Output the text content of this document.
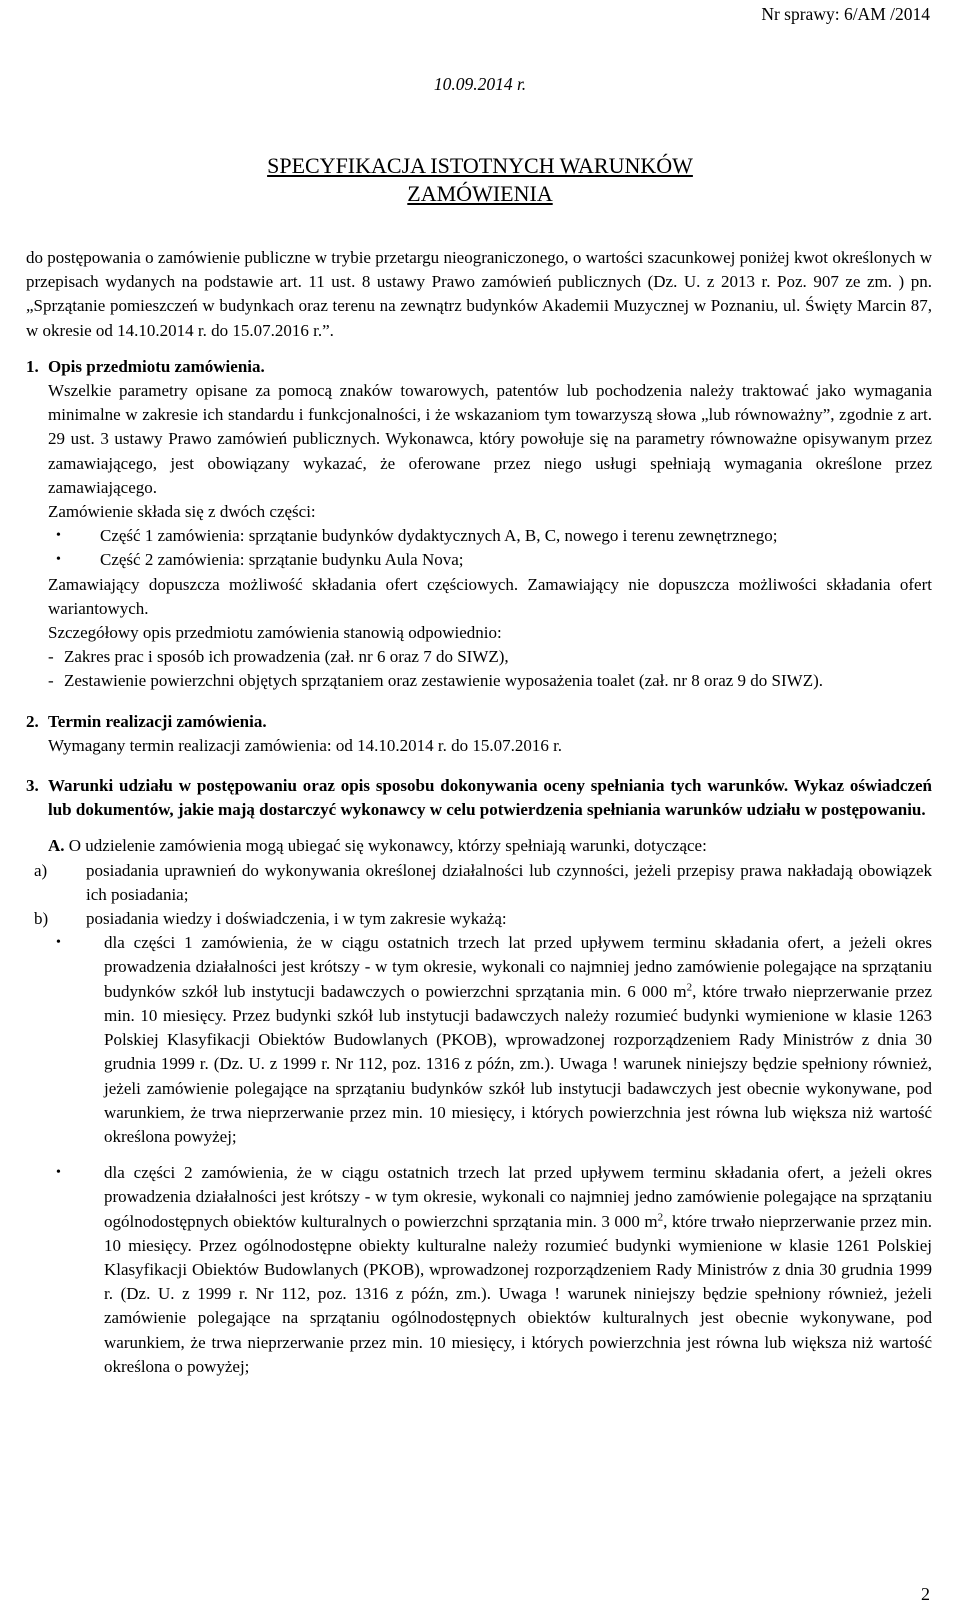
Nr sprawy: 6/AM /2014
10.09.2014 r.
SPECYFIKACJA ISTOTNYCH WARUNKÓW
ZAMÓWIENIA

do postępowania o zamówienie publiczne w trybie przetargu nieograniczonego, o wartości szacunkowej poniżej kwot określonych w przepisach wydanych na podstawie art. 11 ust. 8 ustawy Prawo zamówień publicznych (Dz. U. z 2013 r. Poz. 907 ze zm. ) pn. „Sprzątanie pomieszczeń w budynkach oraz terenu na zewnątrz budynków Akademii Muzycznej w Poznaniu, ul. Święty Marcin 87, w okresie od 14.10.2014 r. do 15.07.2016 r.”.

1. Opis przedmiotu zamówienia.

Wszelkie parametry opisane za pomocą znaków towarowych, patentów lub pochodzenia należy traktować jako wymagania minimalne w zakresie ich standardu i funkcjonalności, i że wskazaniom tym towarzyszą słowa „lub równoważny”, zgodnie z art. 29 ust. 3 ustawy Prawo zamówień publicznych. Wykonawca, który powołuje się na parametry równoważne opisywanym przez zamawiającego, jest obowiązany wykazać, że oferowane przez niego usługi spełniają wymagania określone przez zamawiającego.

Zamówienie składa się z dwóch części:

•	Część 1 zamówienia: sprzątanie budynków dydaktycznych A, B, C, nowego i terenu zewnętrznego;
•	Część 2 zamówienia: sprzątanie budynku Aula Nova;

Zamawiający dopuszcza możliwość składania ofert częściowych. Zamawiający nie dopuszcza możliwości składania ofert wariantowych.

Szczegółowy opis przedmiotu zamówienia stanowią odpowiednio:

- Zakres prac i sposób ich prowadzenia (zał. nr 6 oraz 7 do SIWZ),
- Zestawienie powierzchni objętych sprzątaniem oraz zestawienie wyposażenia toalet (zał. nr 8 oraz 9 do SIWZ).
2. Termin realizacji zamówienia.

Wymagany termin realizacji zamówienia: od 14.10.2014 r. do 15.07.2016 r.

3. Warunki udziału w postępowaniu oraz opis sposobu dokonywania oceny spełniania tych warunków. Wykaz oświadczeń lub dokumentów, jakie mają dostarczyć wykonawcy w celu potwierdzenia spełniania warunków udziału w postępowaniu.

A. O udzielenie zamówienia mogą ubiegać się wykonawcy, którzy spełniają warunki, dotyczące:

a)	posiadania uprawnień do wykonywania określonej działalności lub czynności, jeżeli przepisy prawa nakładają obowiązek ich posiadania;
b)	posiadania wiedzy i doświadczenia, i w tym zakresie wykażą:
•	dla części 1 zamówienia, że w ciągu ostatnich trzech lat przed upływem terminu składania ofert, a jeżeli okres prowadzenia działalności jest krótszy - w tym okresie, wykonali co najmniej jedno zamówienie polegające na sprzątaniu budynków szkół lub instytucji badawczych o powierzchni sprzątania min. 6 000 $m^2$, które trwało nieprzerwanie przez min. 10 miesięcy. Przez budynki szkół lub instytucji badawczych należy rozumieć budynki wymienione w klasie 1263 Polskiej Klasyfikacji Obiektów Budowlanych (PKOB), wprowadzonej rozporządzeniem Rady Ministrów z dnia 30 grudnia 1999 r. (Dz. U. z 1999 r. Nr 112, poz. 1316 z późn, zm.). Uwaga ! warunek niniejszy będzie spełniony również, jeżeli zamówienie polegające na sprzątaniu budynków szkół lub instytucji badawczych jest obecnie wykonywane, pod warunkiem, że trwa nieprzerwanie przez min. 10 miesięcy, i których powierzchnia jest równa lub większa niż wartość określona powyżej;
•	dla części 2 zamówienia, że w ciągu ostatnich trzech lat przed upływem terminu składania ofert, a jeżeli okres prowadzenia działalności jest krótszy - w tym okresie, wykonali co najmniej jedno zamówienie polegające na sprzątaniu ogólnodostępnych obiektów kulturalnych o powierzchni sprzątania min. 3 000 $m^2$, które trwało nieprzerwanie przez min. 10 miesięcy. Przez ogólnodostępne obiekty kulturalne należy rozumieć budynki wymienione w klasie 1261 Polskiej Klasyfikacji Obiektów Budowlanych (PKOB), wprowadzonej rozporządzeniem Rady Ministrów z dnia 30 grudnia 1999 r. (Dz. U. z 1999 r. Nr 112, poz. 1316 z późn, zm.). Uwaga ! warunek niniejszy będzie spełniony również, jeżeli zamówienie polegające na sprzątaniu ogólnodostępnych obiektów kulturalnych jest obecnie wykonywane, pod warunkiem, że trwa nieprzerwanie przez min. 10 miesięcy, i których powierzchnia jest równa lub większa niż wartość określona o powyżej;
2
